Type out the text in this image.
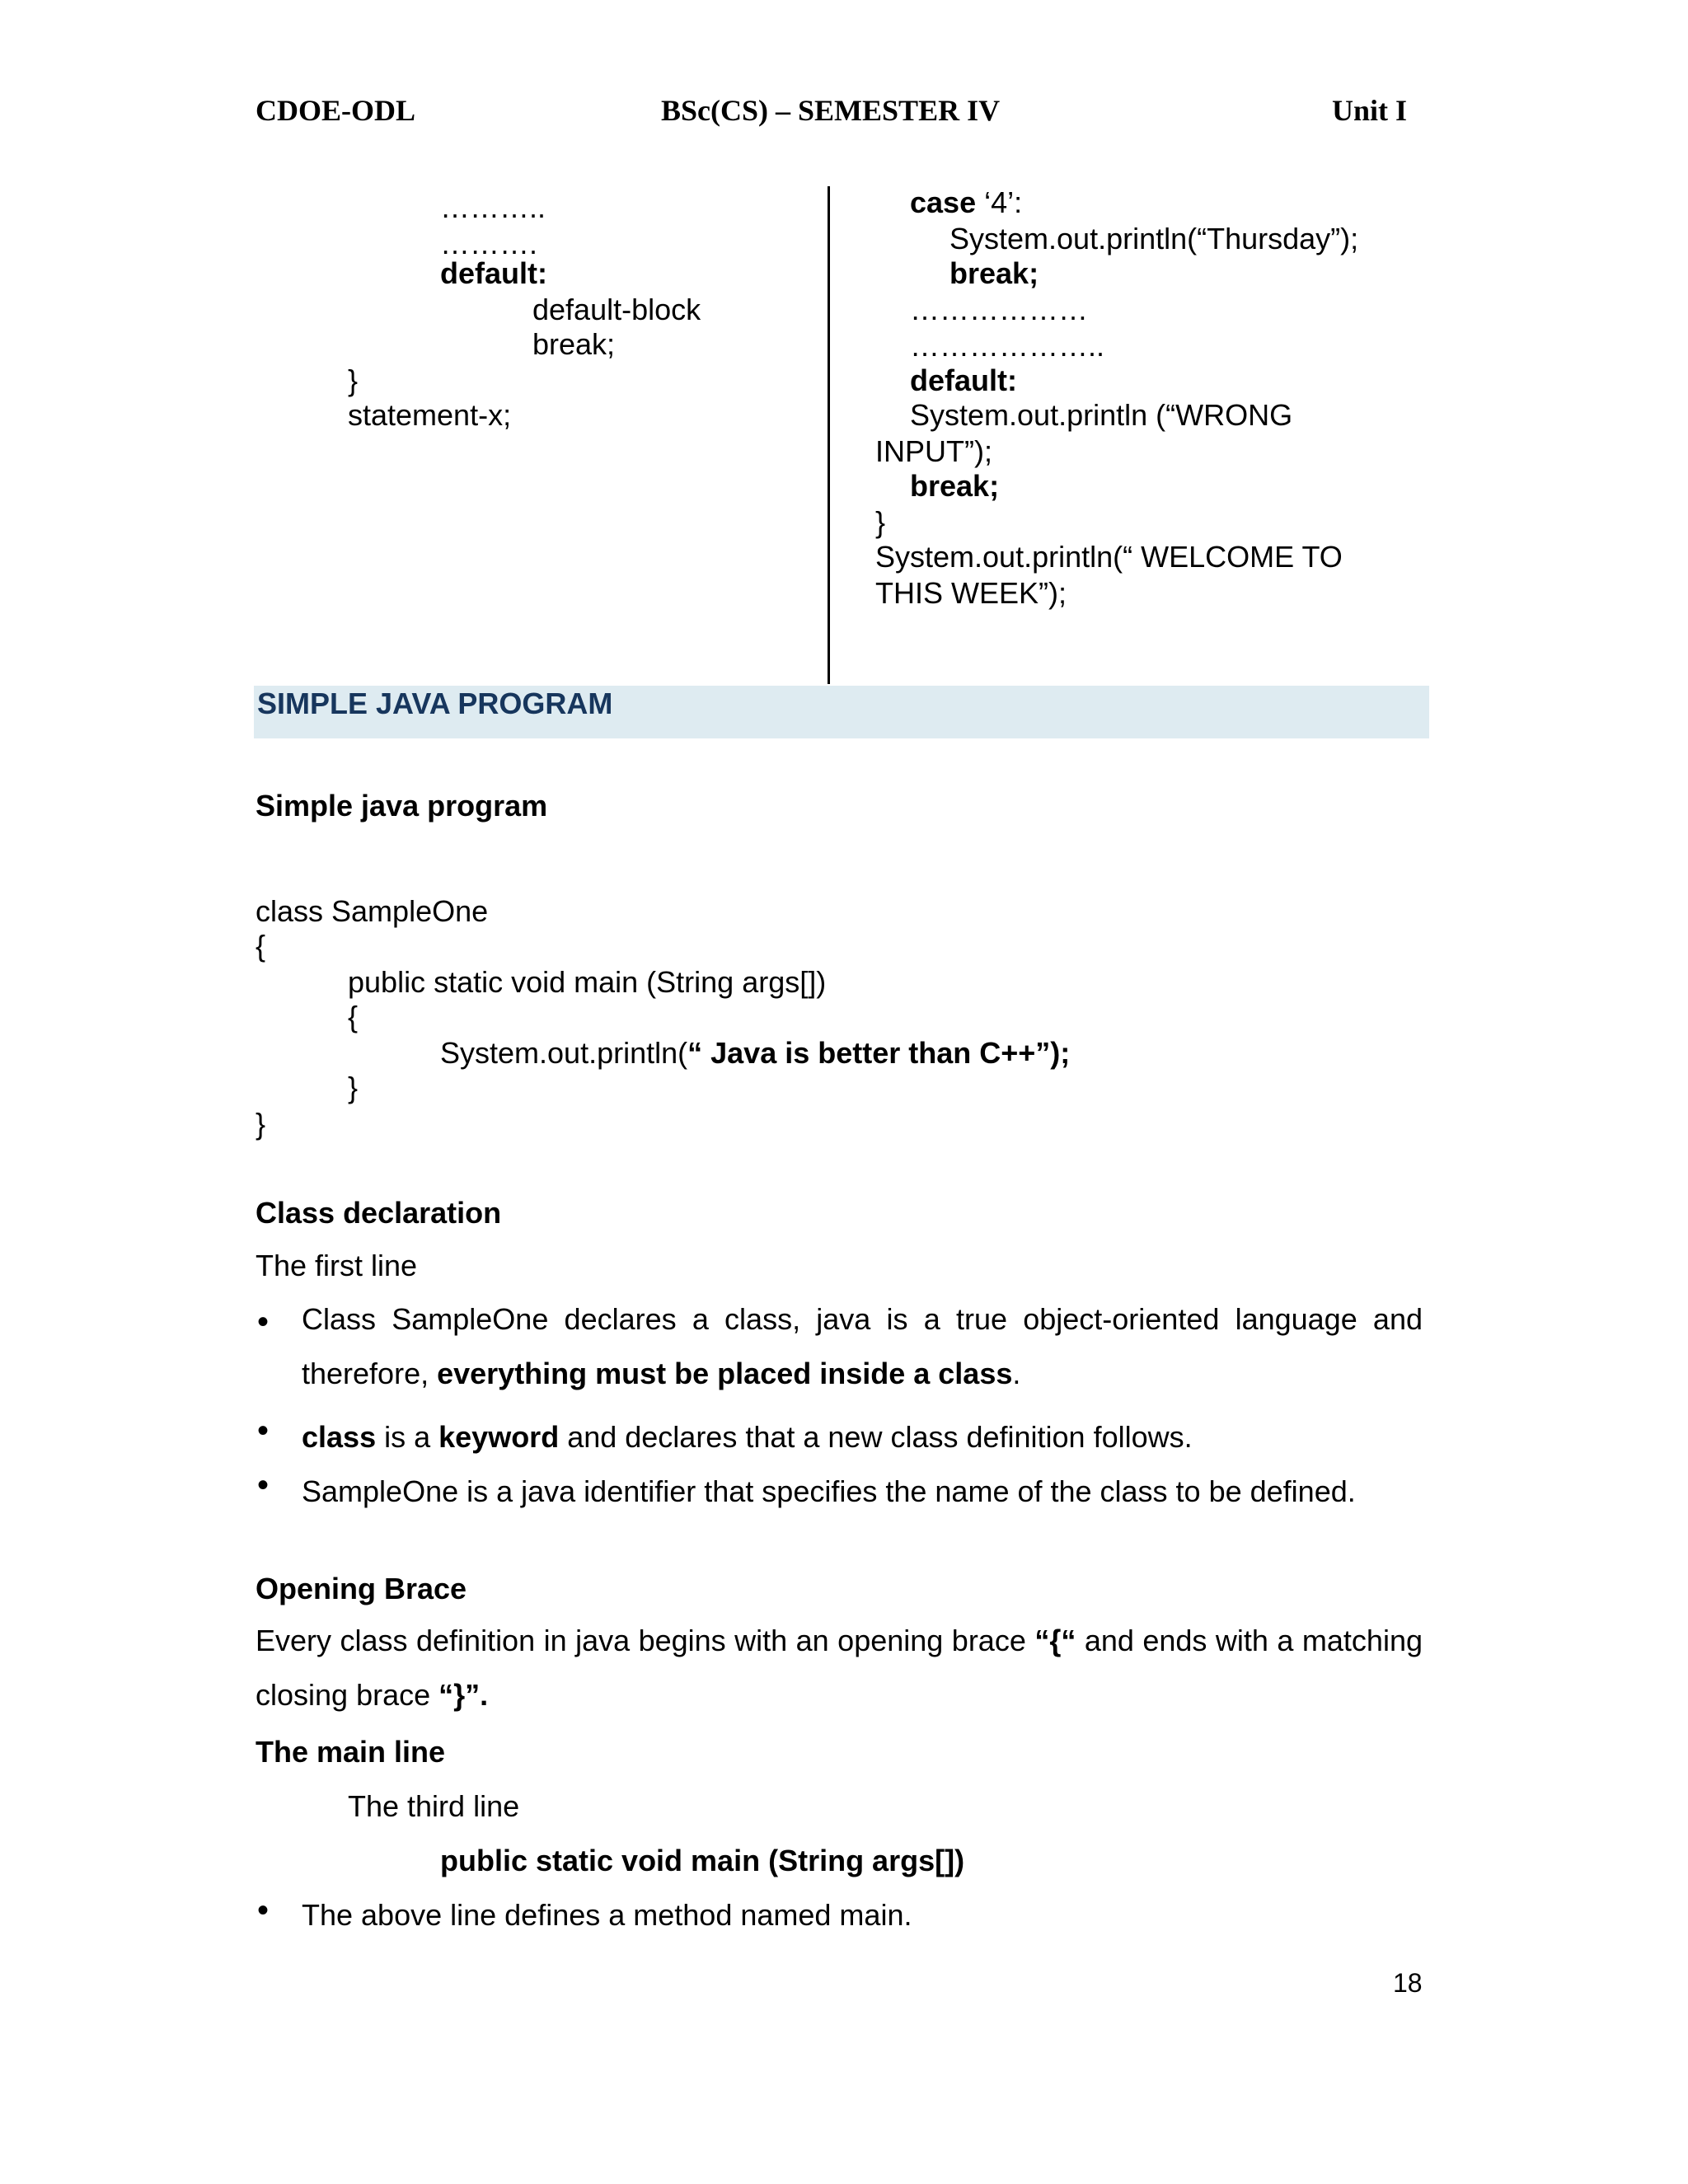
CDOE-ODL	BSc(CS) – SEMESTER IV	Unit I
………..
……….
default:
default-block
break;
}
statement-x;
case ‘4’:
System.out.println(“Thursday”);
break;
………………
………………..
default:
System.out.println (“WRONG
INPUT”);
break;
}
System.out.println(“ WELCOME TO
THIS WEEK”);
SIMPLE JAVA PROGRAM
Simple java program
class SampleOne
{
public static void main (String args[])
{
System.out.println(“ Java is better than C++”);
}
}
Class declaration
The first line
• Class SampleOne declares a class, java is a true object-oriented language and therefore, everything must be placed inside a class.
• class is a keyword and declares that a new class definition follows.
• SampleOne is a java identifier that specifies the name of the class to be defined.
Opening Brace
Every class definition in java begins with an opening brace “{“ and ends with a matching closing brace “}”.
The main line
The third line
public static void main (String args[])
• The above line defines a method named main.
18
